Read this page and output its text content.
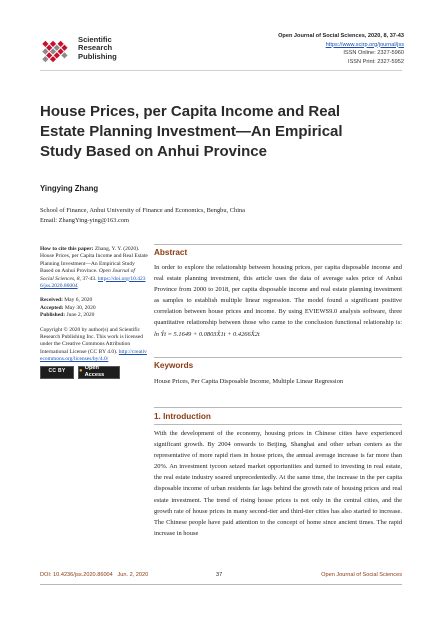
Scientific
Research
Publishing
Open Journal of Social Sciences, 2020, 8, 37-43
https://www.scirp.org/journal/jss
ISSN Online: 2327-5960
ISSN Print: 2327-5952
House Prices, per Capita Income and Real
Estate Planning Investment—An Empirical
Study Based on Anhui Province
Yingying Zhang
School of Finance, Anhui University of Finance and Economics, Bengbu, China
Email: ZhangYing-ying@163.com
How to cite this paper: Zhang, Y. Y. (2020). House Prices, per Capita Income and Real Estate Planning Investment—An Empirical Study Based on Anhui Province. Open Journal of Social Sciences, 8, 37-43. https://doi.org/10.4236/jss.2020.86004
Received: May 6, 2020
Accepted: May 30, 2020
Published: June 2, 2020
Copyright © 2020 by author(s) and Scientific Research Publishing Inc. This work is licensed under the Creative Commons Attribution International License (CC BY 4.0). http://creativecommons.org/licenses/by/4.0/
CC BY	●
Open Access
Abstract
In order to explore the relationship between housing prices, per capita disposable income and real estate planning investment, this article uses the data of average sales price of Anhui Province from 2000 to 2018, per capita disposable income and real estate planning investment as samples to establish multiple linear regression. The model found a significant positive correlation between house prices and income. By using EVIEWS9.0 analysis software, three quantitative relationship between those who came to the conclusion functional relationship is: ln Ŷt = 5.1649 + 0.0803X̂1t + 0.4266X̂2t
Keywords
House Prices, Per Capita Disposable Income, Multiple Linear Regression
1. Introduction
With the development of the economy, housing prices in Chinese cities have experienced significant growth. By 2004 onwards to Beijing, Shanghai and other urban centers as the representative of more rapid rises in house prices, the annual average increase is far more than 20%. An investment tycoon seized market opportunities and turned to investing in real estate, the real estate industry soared unprecedentedly. At the same time, the increase in the per capita disposable income of urban residents far lags behind the growth rate of housing prices and real estate investment. The trend of rising house prices is not only in the central cities, and the growth rate of house prices in many second-tier and third-tier cities has also started to increase. The Chinese people have paid attention to the concept of home since ancient times. The rapid increase in house
DOI: 10.4236/jss.2020.86004 Jun. 2, 2020	37	Open Journal of Social Sciences
